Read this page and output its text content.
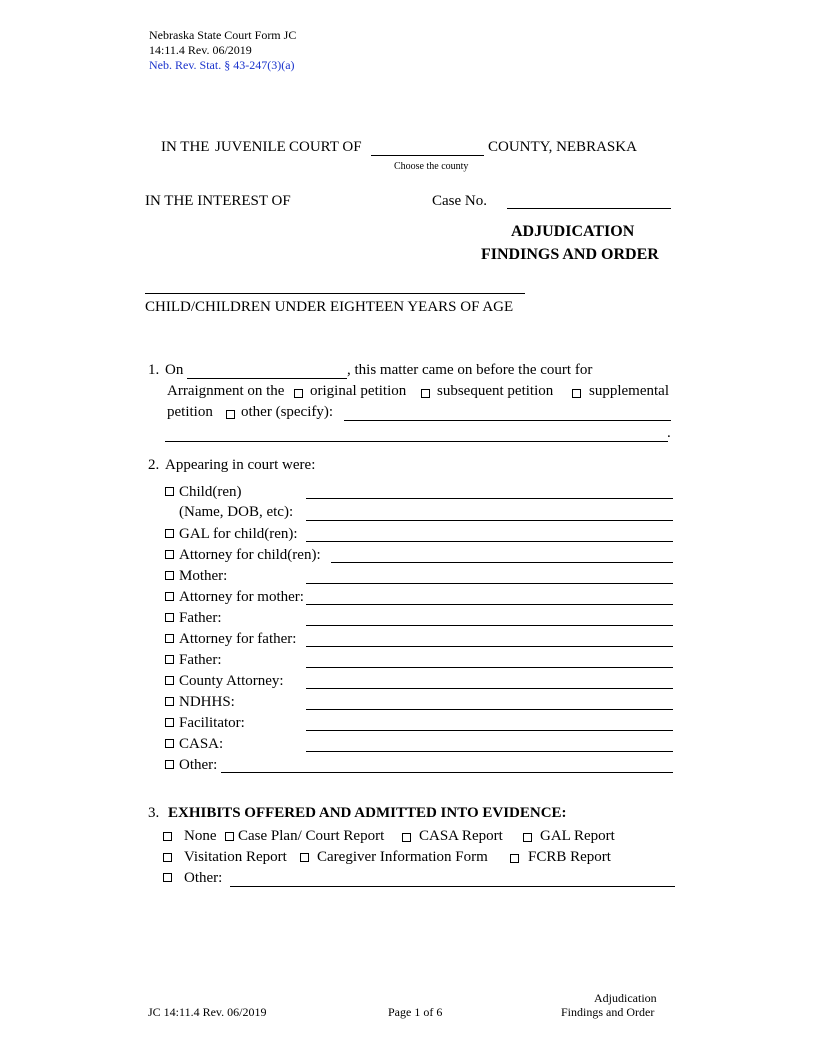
Nebraska State Court Form JC
14:11.4 Rev. 06/2019
Neb. Rev. Stat. § 43-247(3)(a)
IN THE JUVENILE COURT OF	COUNTY, NEBRASKA
Choose the county
IN THE INTEREST OF	Case No.
ADJUDICATION
FINDINGS AND ORDER
CHILD/CHILDREN UNDER EIGHTEEN YEARS OF AGE
1. On	, this matter came on before the court for
Arraignment on the original petition subsequent petition supplemental
petition other (specify):
.
2. Appearing in court were:
Child(ren)
(Name, DOB, etc):
GAL for child(ren):
Attorney for child(ren):
Mother:
Attorney for mother:
Father:
Attorney for father:
Father:
County Attorney:
NDHHS:
Facilitator:
CASA:
Other:
3. EXHIBITS OFFERED AND ADMITTED INTO EVIDENCE:
None Case Plan/ Court Report CASA Report GAL Report
Visitation Report Caregiver Information Form	FCRB Report
Other:
JC 14:11.4 Rev. 06/2019	Page 1 of 6
Adjudication
Findings and Order
